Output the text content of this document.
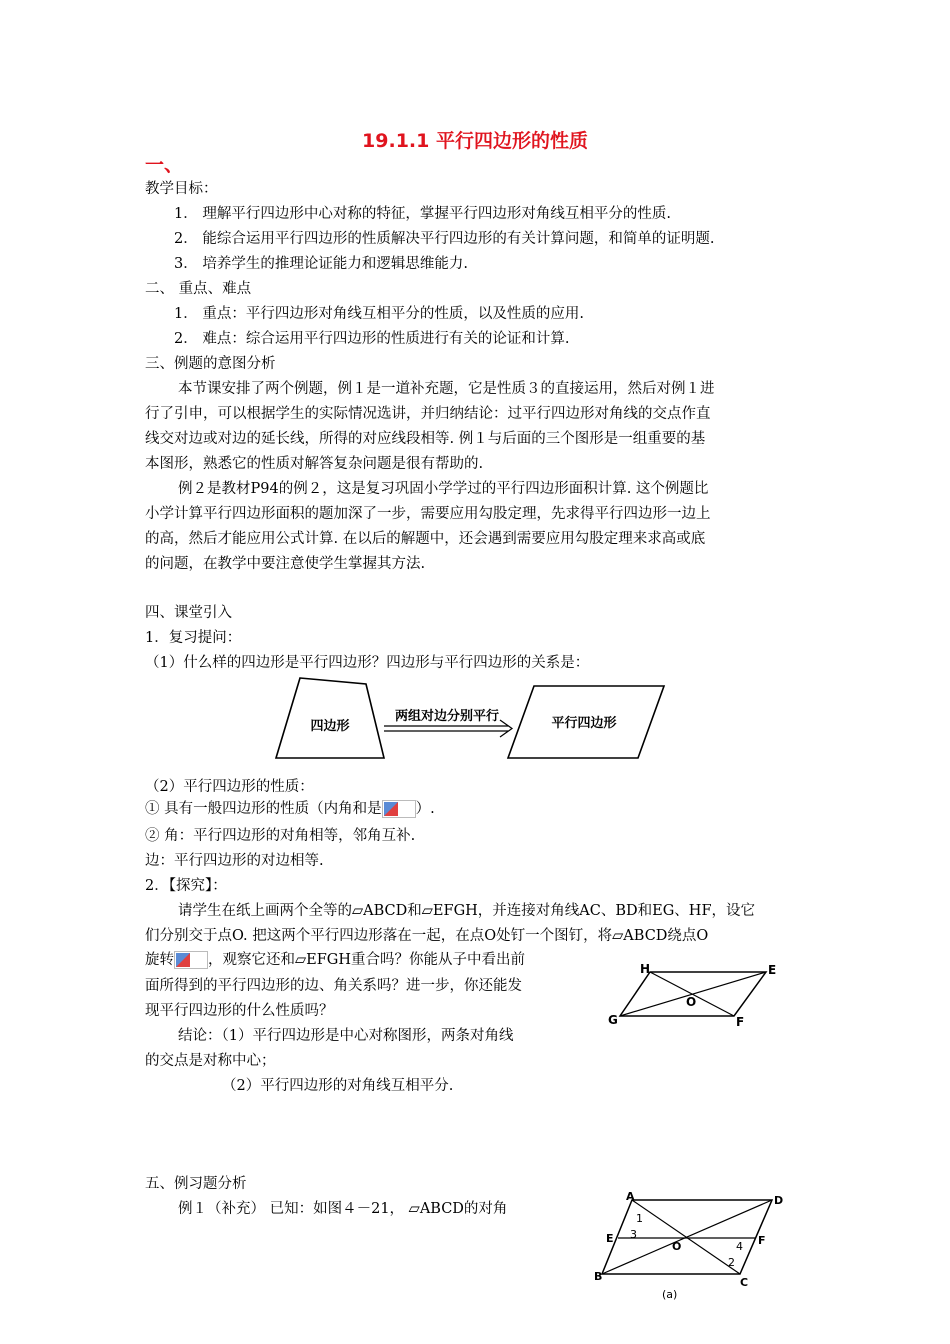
19.1.1 平行四边形的性质
一、
教学目标：
1． 理解平行四边形中心对称的特征，掌握平行四边形对角线互相平分的性质.
2． 能综合运用平行四边形的性质解决平行四边形的有关计算问题，和简单的证明题.
3． 培养学生的推理论证能力和逻辑思维能力.
二、 重点、难点
1． 重点：平行四边形对角线互相平分的性质，以及性质的应用.
2． 难点：综合运用平行四边形的性质进行有关的论证和计算.
三、例题的意图分析
本节课安排了两个例题，例１是一道补充题，它是性质３的直接运用，然后对例１进
行了引申，可以根据学生的实际情况选讲，并归纳结论：过平行四边形对角线的交点作直
线交对边或对边的延长线，所得的对应线段相等. 例１与后面的三个图形是一组重要的基
本图形，熟悉它的性质对解答复杂问题是很有帮助的.
例２是教材P94的例２，这是复习巩固小学学过的平行四边形面积计算. 这个例题比
小学计算平行四边形面积的题加深了一步，需要应用勾股定理，先求得平行四边形一边上
的高，然后才能应用公式计算. 在以后的解题中，还会遇到需要应用勾股定理来求高或底
的问题，在教学中要注意使学生掌握其方法.
四、课堂引入
1．复习提问：
（1）什么样的四边形是平行四边形？四边形与平行四边形的关系是：
四边形
两组对边分别平行	平行四边形
（2）平行四边形的性质：
① 具有一般四边形的性质（内角和是 ）.
② 角：平行四边形的对角相等，邻角互补.
边：平行四边形的对边相等.
2．【探究】：
请学生在纸上画两个全等的▱ABCD和▱EFGH，并连接对角线AC、BD和EG、HF，设它
们分别交于点O. 把这两个平行四边形落在一起，在点O处钉一个图钉，将▱ABCD绕点O
旋转 ，观察它还和▱EFGH重合吗？你能从子中看出前
面所得到的平行四边形的边、角关系吗？进一步，你还能发
现平行四边形的什么性质吗？
结论：（1）平行四边形是中心对称图形，两条对角线
的交点是对称中心；
（2）平行四边形的对角线互相平分.
H	E
G	F
O
五、例习题分析
例１（补充） 已知：如图４－21， ▱ABCD的对角
A	D
E	F
B	C
O
1
3
4
2
(a)
